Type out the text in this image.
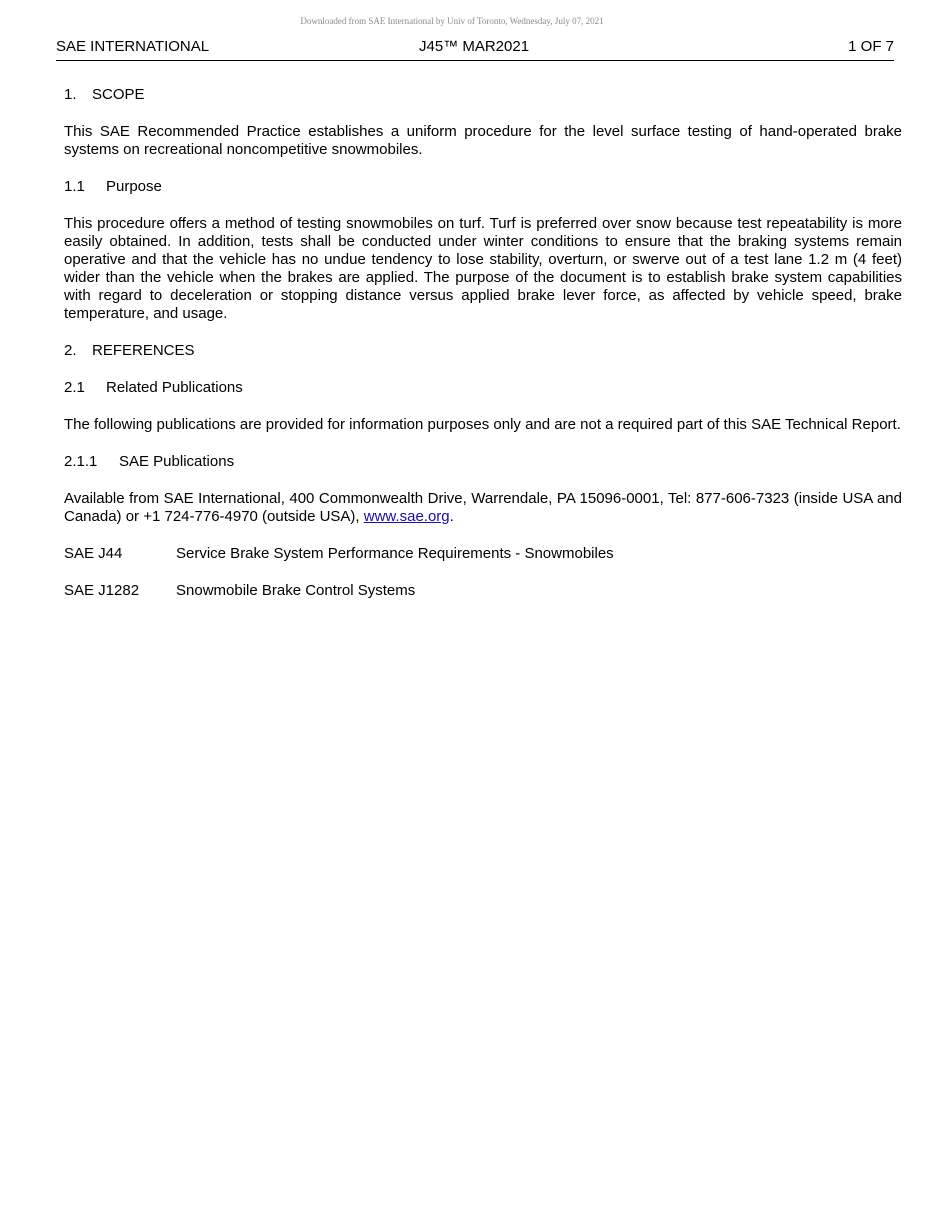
Downloaded from SAE International by Univ of Toronto, Wednesday, July 07, 2021
SAE INTERNATIONAL	J45™ MAR2021	1 OF 7
1. SCOPE

This SAE Recommended Practice establishes a uniform procedure for the level surface testing of hand-operated brake systems on recreational noncompetitive snowmobiles.

1.1 Purpose

This procedure offers a method of testing snowmobiles on turf. Turf is preferred over snow because test repeatability is more easily obtained. In addition, tests shall be conducted under winter conditions to ensure that the braking systems remain operative and that the vehicle has no undue tendency to lose stability, overturn, or swerve out of a test lane 1.2 m (4 feet) wider than the vehicle when the brakes are applied. The purpose of the document is to establish brake system capabilities with regard to deceleration or stopping distance versus applied brake lever force, as affected by vehicle speed, brake temperature, and usage.

2. REFERENCES
2.1 Related Publications

The following publications are provided for information purposes only and are not a required part of this SAE Technical Report.

2.1.1 SAE Publications

Available from SAE International, 400 Commonwealth Drive, Warrendale, PA 15096-0001, Tel: 877-606-7323 (inside USA and Canada) or +1 724-776-4970 (outside USA), www.sae.org.

SAE J44	Service Brake System Performance Requirements - Snowmobiles
SAE J1282 Snowmobile Brake Control Systems
